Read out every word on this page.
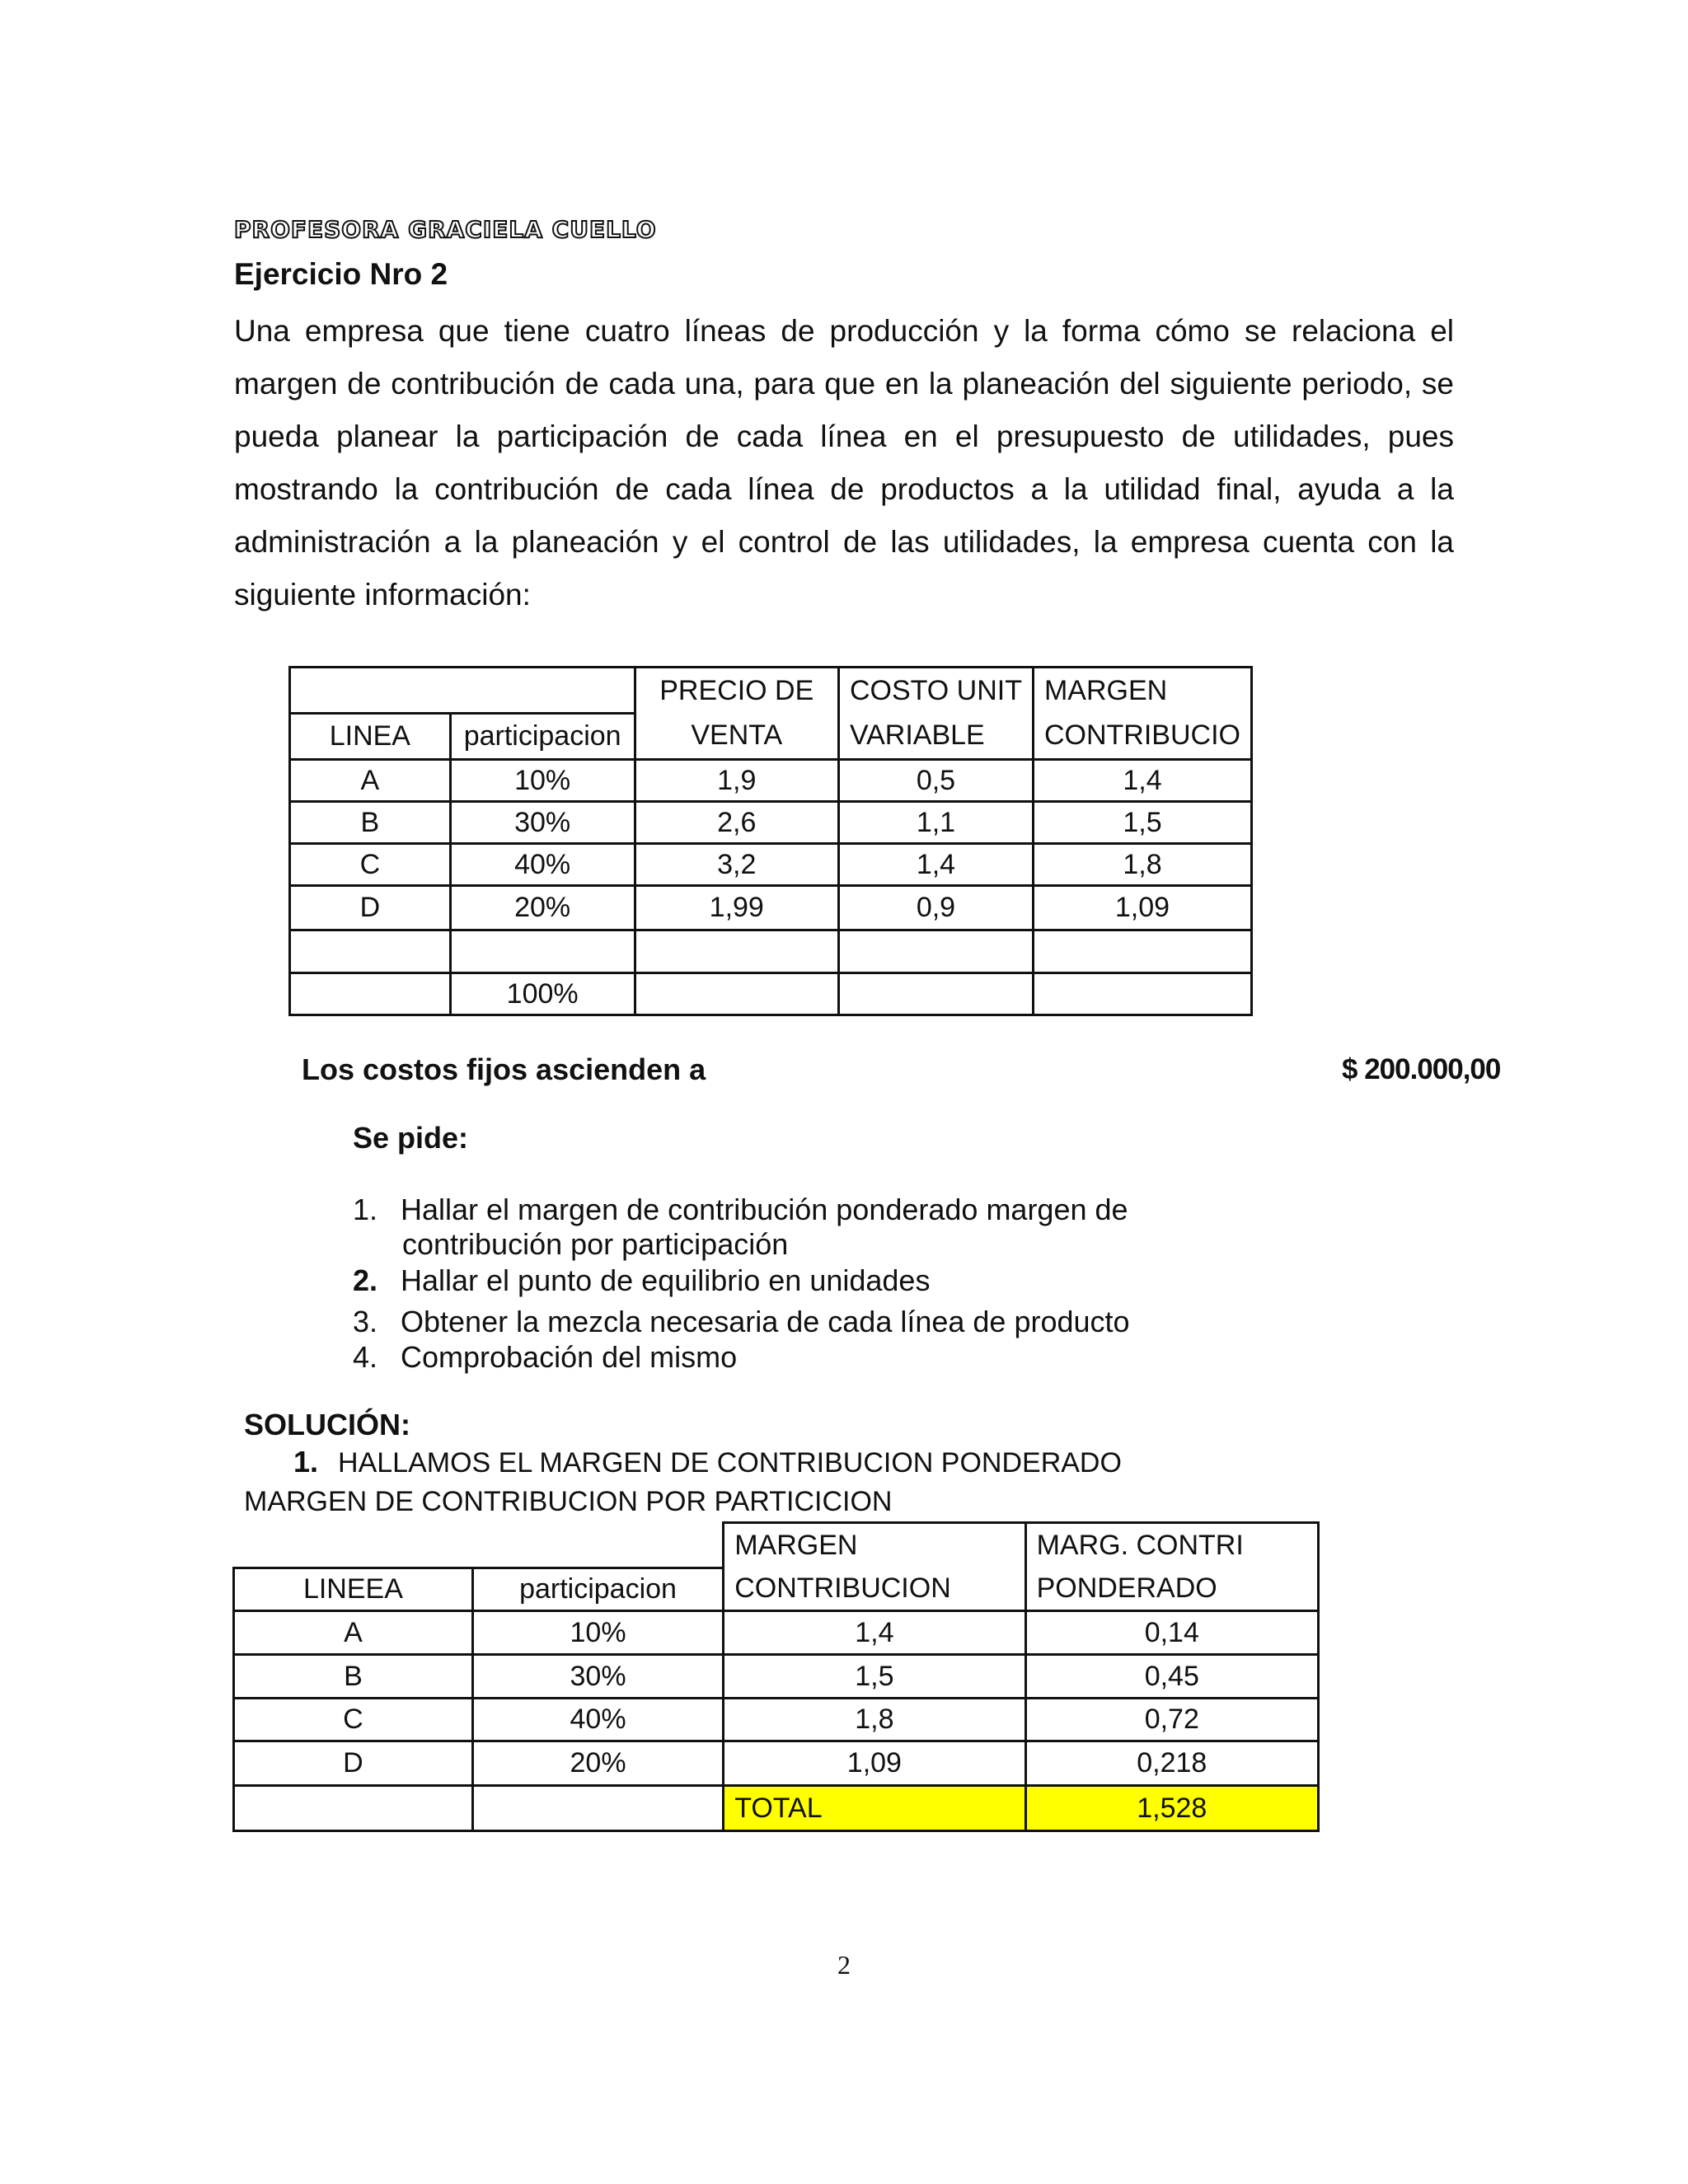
PROFESORA GRACIELA CUELLO
Ejercicio Nro 2
Una empresa que tiene cuatro líneas de producción y la forma cómo se relaciona el margen de contribución de cada una, para que en la planeación del siguiente periodo, se pueda planear la participación de cada línea en el presupuesto de utilidades, pues mostrando la contribución de cada línea de productos a la utilidad final, ayuda a la administración a la planeación y el control de las utilidades, la empresa cuenta con la siguiente información:
		PRECIO DE	COSTO UNIT	MARGEN
LINEA	participacion	VENTA	VARIABLE	CONTRIBUCIO
A	10%	1,9	0,5	1,4
B	30%	2,6	1,1	1,5
C	40%	3,2	1,4	1,8
D	20%	1,99	0,9	1,09

	100%			
Los costos fijos ascienden a	$ 200.000,00
Se pide:
1. Hallar el margen de contribución ponderado margen de
contribución por participación
2. Hallar el punto de equilibrio en unidades
3. Obtener la mezcla necesaria de cada línea de producto
4. Comprobación del mismo
SOLUCIÓN:
1. HALLAMOS EL MARGEN DE CONTRIBUCION PONDERADO
MARGEN DE CONTRIBUCION POR PARTICICION
		MARGEN	MARG. CONTRI
LINEEA	participacion	CONTRIBUCION	PONDERADO
A	10%	1,4	0,14
B	30%	1,5	0,45
C	40%	1,8	0,72
D	20%	1,09	0,218
		TOTAL	1,528
2
